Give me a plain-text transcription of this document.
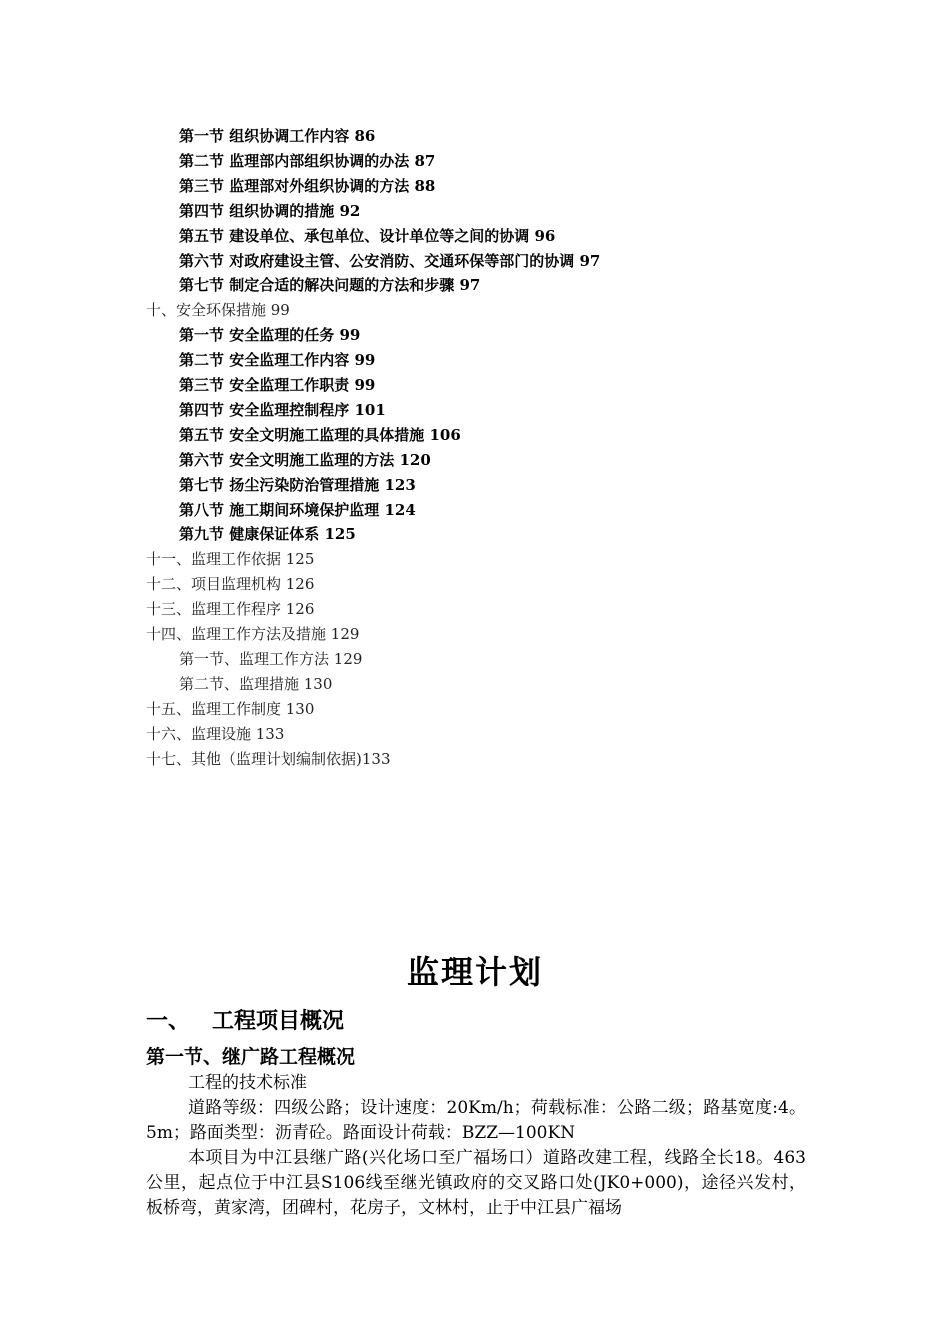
第一节 组织协调工作内容 86
第二节 监理部内部组织协调的办法 87
第三节 监理部对外组织协调的方法 88
第四节 组织协调的措施 92
第五节 建设单位、承包单位、设计单位等之间的协调 96
第六节 对政府建设主管、公安消防、交通环保等部门的协调 97
第七节 制定合适的解决问题的方法和步骤 97
十、安全环保措施 99
第一节 安全监理的任务 99
第二节 安全监理工作内容 99
第三节 安全监理工作职责 99
第四节 安全监理控制程序 101
第五节 安全文明施工监理的具体措施 106
第六节 安全文明施工监理的方法 120
第七节 扬尘污染防治管理措施 123
第八节 施工期间环境保护监理 124
第九节 健康保证体系 125
十一、监理工作依据 125
十二、项目监理机构 126
十三、监理工作程序 126
十四、监理工作方法及措施 129
第一节、监理工作方法 129
第二节、监理措施 130
十五、监理工作制度 130
十六、监理设施 133
十七、其他（监理计划编制依据)133
监理计划
一、 工程项目概况
第一节、继广路工程概况
工程的技术标准

道路等级：四级公路；设计速度：20Km/h；荷载标准：公路二级；路基宽度:4。5m；路面类型：沥青砼。路面设计荷载：BZZ—100KN

本项目为中江县继广路(兴化场口至广福场口）道路改建工程，线路全长18。463公里，起点位于中江县S106线至继光镇政府的交叉路口处(JK0+000)，途径兴发村，板桥弯，黄家湾，团碑村，花房子，文林村，止于中江县广福场
